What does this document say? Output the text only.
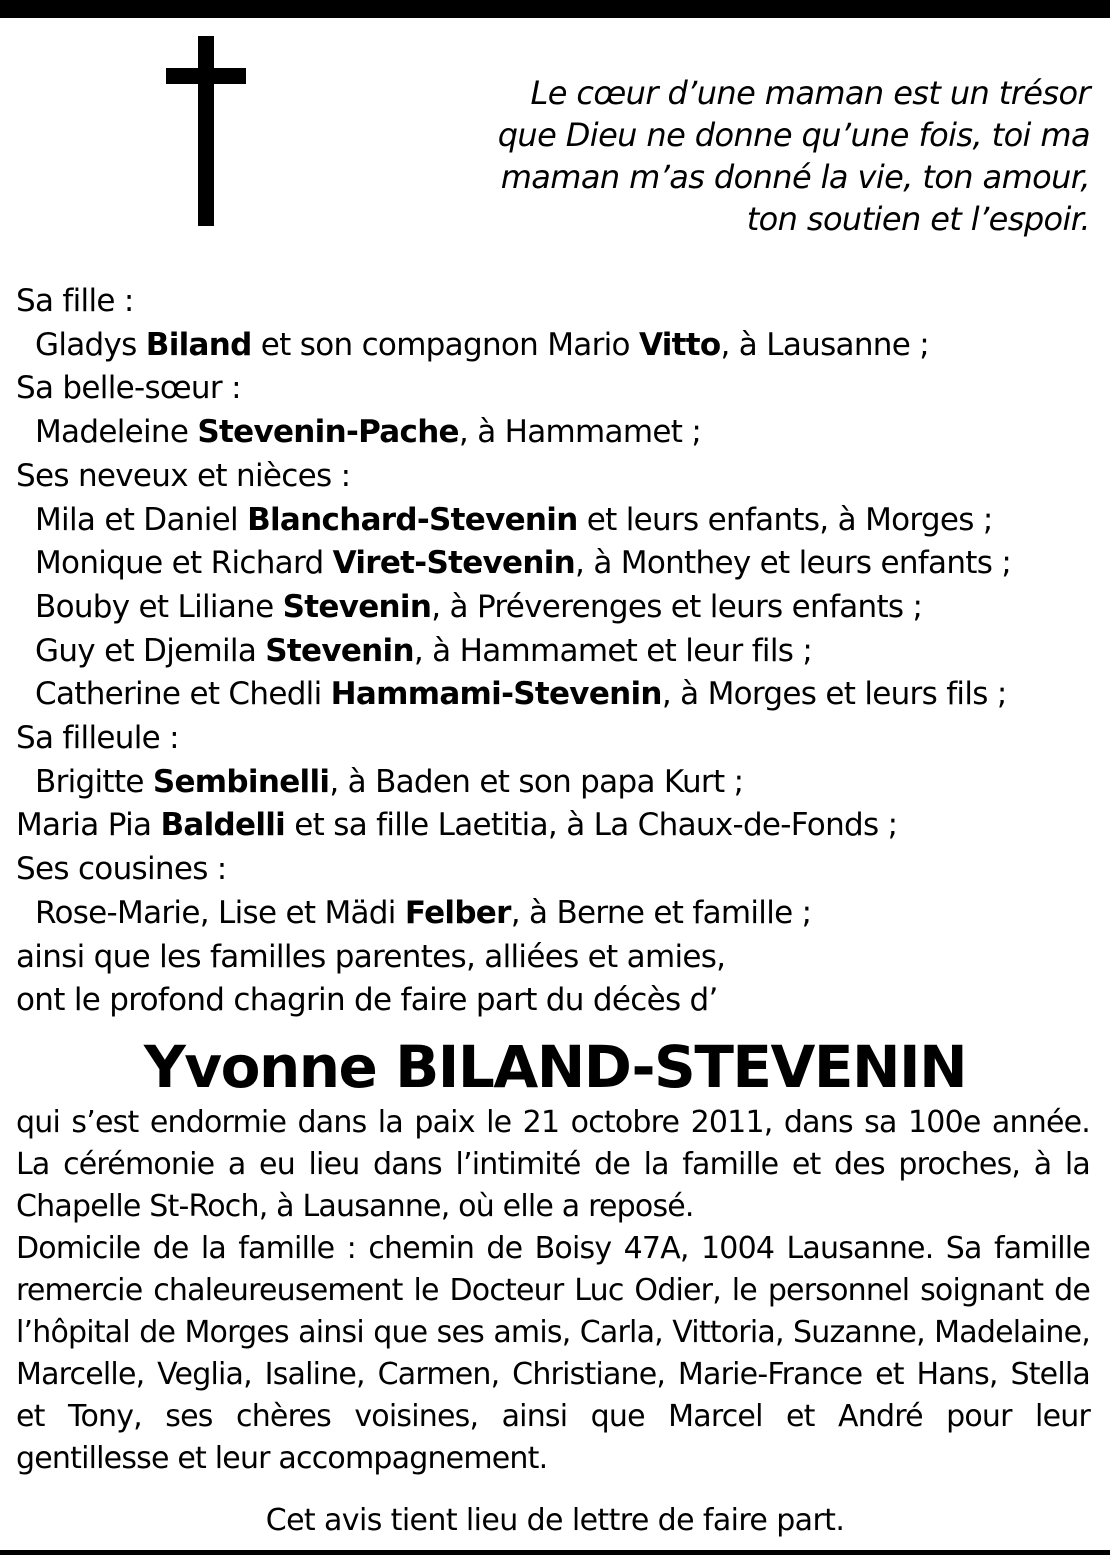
Le cœur d’une maman est un trésor
que Dieu ne donne qu’une fois, toi ma
maman m’as donné la vie, ton amour,
ton soutien et l’espoir.
Sa fille :
Gladys Biland et son compagnon Mario Vitto, à Lausanne ;
Sa belle-sœur :
Madeleine Stevenin-Pache, à Hammamet ;
Ses neveux et nièces :
Mila et Daniel Blanchard-Stevenin et leurs enfants, à Morges ;
Monique et Richard Viret-Stevenin, à Monthey et leurs enfants ;
Bouby et Liliane Stevenin, à Préverenges et leurs enfants ;
Guy et Djemila Stevenin, à Hammamet et leur fils ;
Catherine et Chedli Hammami-Stevenin, à Morges et leurs fils ;
Sa filleule :
Brigitte Sembinelli, à Baden et son papa Kurt ;
Maria Pia Baldelli et sa fille Laetitia, à La Chaux-de-Fonds ;
Ses cousines :
Rose-Marie, Lise et Mädi Felber, à Berne et famille ;
ainsi que les familles parentes, alliées et amies,
ont le profond chagrin de faire part du décès d’
Yvonne BILAND-STEVENIN

qui s’est endormie dans la paix le 21 octobre 2011, dans sa 100e année. La cérémonie a eu lieu dans l’intimité de la famille et des proches, à la Chapelle St-Roch, à Lausanne, où elle a reposé.

Domicile de la famille : chemin de Boisy 47A, 1004 Lausanne. Sa famille remercie chaleureusement le Docteur Luc Odier, le personnel soignant de l’hôpital de Morges ainsi que ses amis, Carla, Vittoria, Suzanne, Madelaine, Marcelle, Veglia, Isaline, Carmen, Christiane, Marie-France et Hans, Stella et Tony, ses chères voisines, ainsi que Marcel et André pour leur gentillesse et leur accompagnement.

Cet avis tient lieu de lettre de faire part.
